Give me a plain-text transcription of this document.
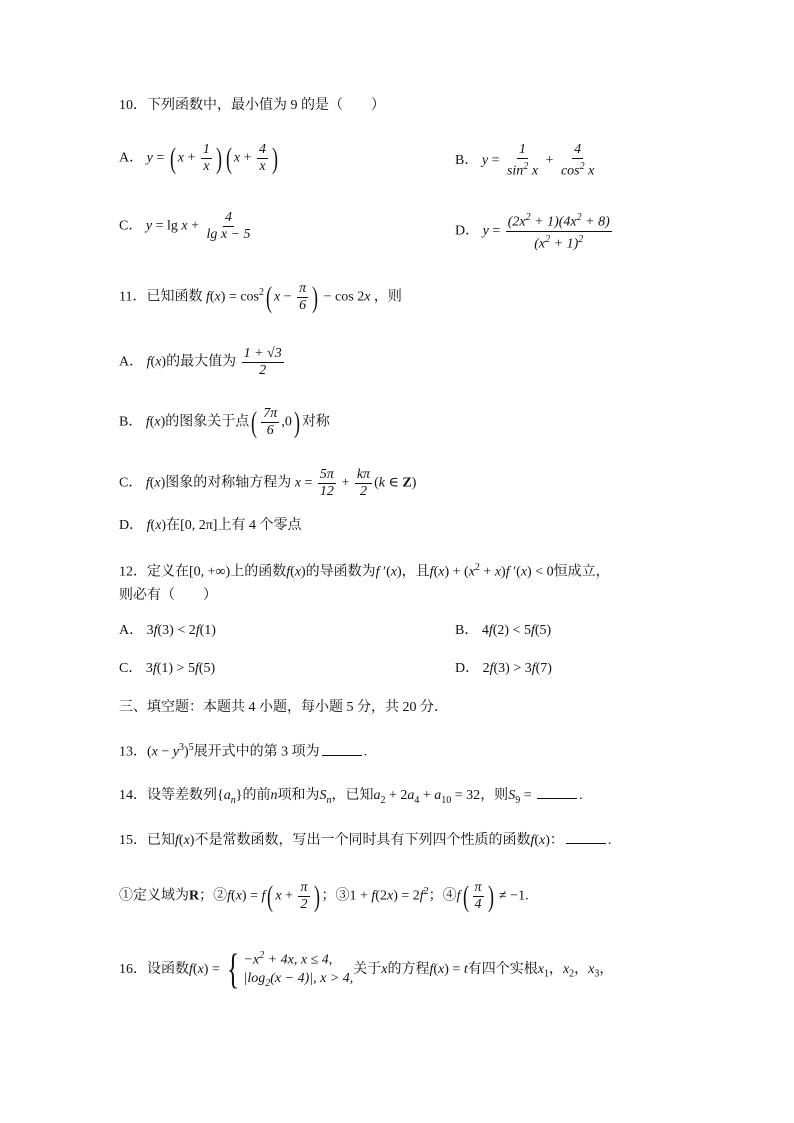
10．下列函数中，最小值为 9 的是（　　）
A． y = ( $x + \frac{1}{x}$ ) ( $x + \frac{4}{x}$ )	B． $y = \frac{1}{\sin^2 x} + \frac{4}{\cos^2 x}$
C． $y = \lg x + \frac{4}{\text{lg x − 5}}$	D． $y = \frac{(2x^2 + 1)(4x^2 + 8)}{(x^2 + 1)^2}$
11．已知函数 $f(x) = \cos^2$( $x - \frac{\pi}{6}$ ) − cos 2x ，则
A． f(x)的最大值为 $\frac{1 + √3}{2}$
B． f(x)的图象关于点( $\frac{7\pi}{6} ,0$) 对称
C． f(x)图象的对称轴方程为 $x = \frac{5\pi}{12} + \frac{k\pi}{2} (k$ ∈ Z)
D． f(x)在[0, 2π]上有 4 个零点
12．定义在[0, +∞)上的函数f(x)的导函数为f ′(x)，且$f(x) + (x^2 + x)f$ ′(x) < 0恒成立，
则必有（　　）
A． 3f(3) < 2f(1)	B． 4f(2) < 5f(5)
C． 3f(1) > 5f(5)	D． 2f(3) > 3f(7)
三、填空题：本题共 4 小题，每小题 5 分，共 20 分．
13．$(x - y^3)^5$展开式中的第 3 项为	.
14．设等差数列$\{a_n\}$的前n项和为$S_n$，已知$a_2 + 2a_4 + a_{10} = 32$，则$S_9$ =	.
15．已知f(x)不是常数函数，写出一个同时具有下列四个性质的函数f(x)：	.
①定义域为R；②f(x) = f( $x + \frac{\pi}{2}$ ) ；③1 + $f(2x) = 2f^2$；④f( $\frac{\pi}{4}$ ) ≠ −1.
16．设函数f(x) = { $-x^2 + 4x$, x ≤ 4,
$|\log_2(x - 4)|$, x > 4,
关于x的方程f(x) = t有四个实根$x_1$，$x_2$，$x_3$，
